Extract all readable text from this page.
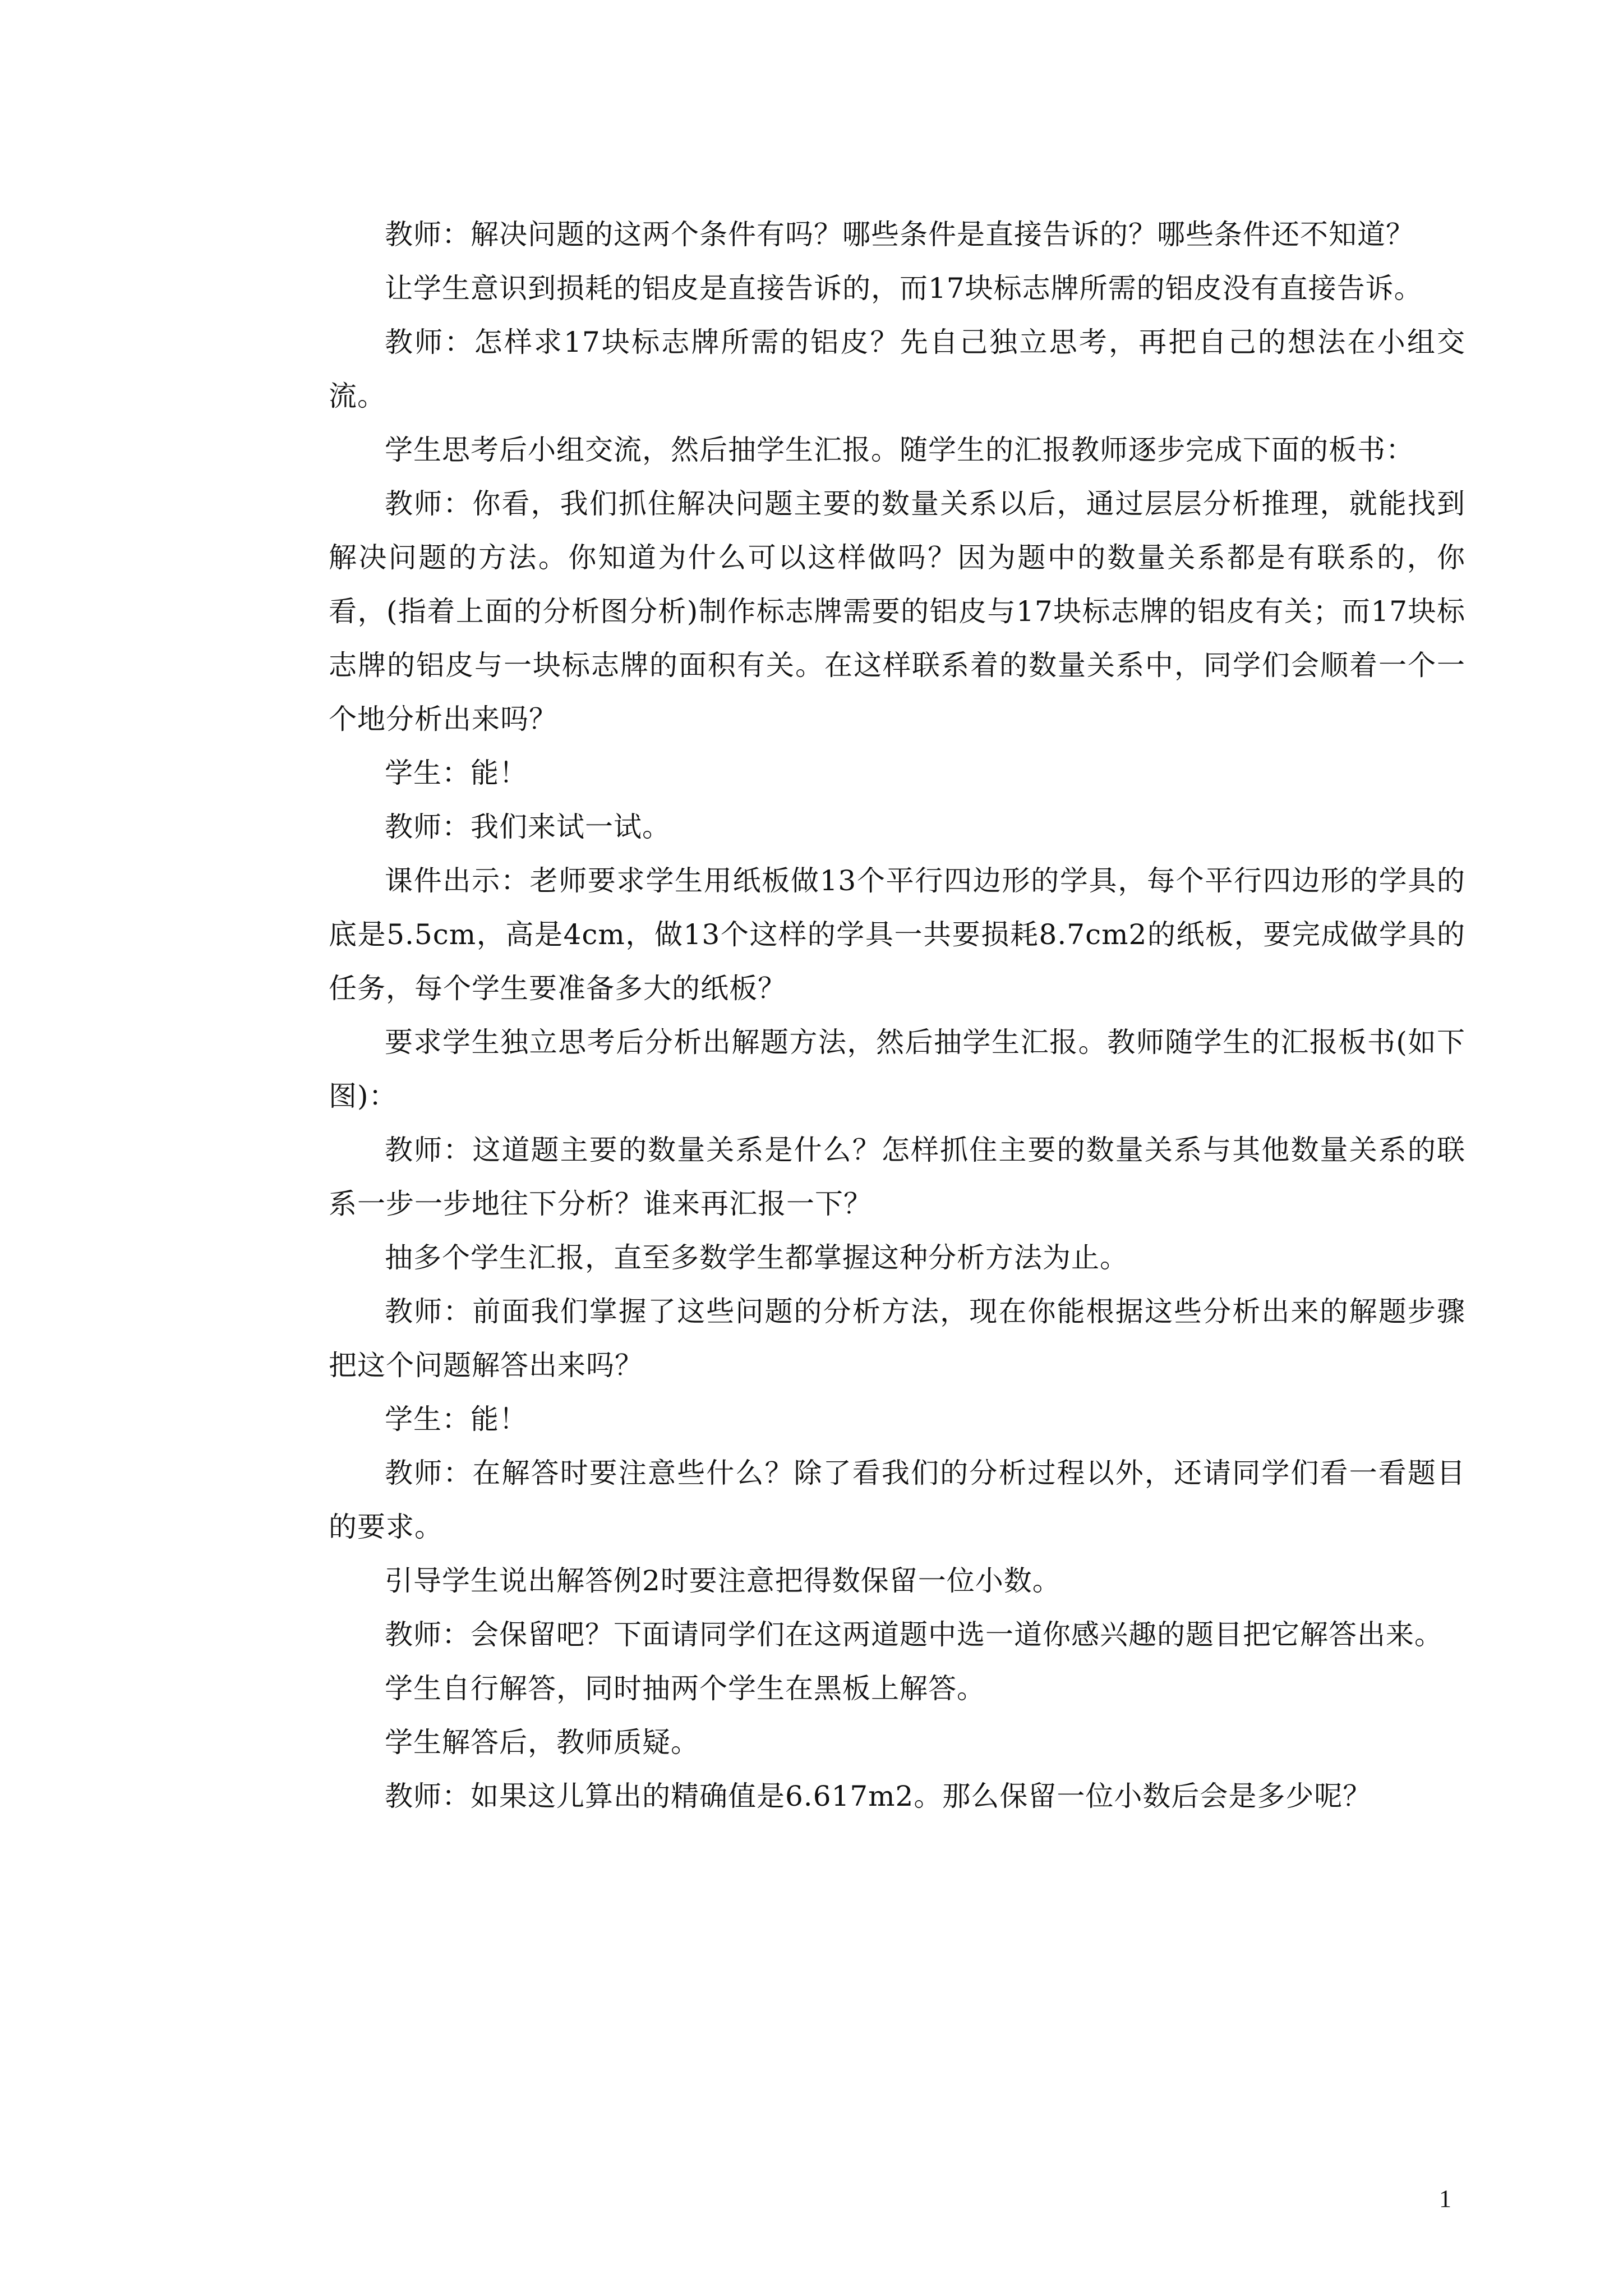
教师：解决问题的这两个条件有吗？哪些条件是直接告诉的？哪些条件还不知道？

让学生意识到损耗的铝皮是直接告诉的，而17块标志牌所需的铝皮没有直接告诉。

教师：怎样求17块标志牌所需的铝皮？先自己独立思考，再把自己的想法在小组交流。

学生思考后小组交流，然后抽学生汇报。随学生的汇报教师逐步完成下面的板书：

教师：你看，我们抓住解决问题主要的数量关系以后，通过层层分析推理，就能找到解决问题的方法。你知道为什么可以这样做吗？因为题中的数量关系都是有联系的，你看，(指着上面的分析图分析)制作标志牌需要的铝皮与17块标志牌的铝皮有关；而17块标志牌的铝皮与一块标志牌的面积有关。在这样联系着的数量关系中，同学们会顺着一个一个地分析出来吗？

学生：能！

教师：我们来试一试。

课件出示：老师要求学生用纸板做13个平行四边形的学具，每个平行四边形的学具的底是5.5cm，高是4cm，做13个这样的学具一共要损耗8.7cm2的纸板，要完成做学具的任务，每个学生要准备多大的纸板？

要求学生独立思考后分析出解题方法，然后抽学生汇报。教师随学生的汇报板书(如下图)：

教师：这道题主要的数量关系是什么？怎样抓住主要的数量关系与其他数量关系的联系一步一步地往下分析？谁来再汇报一下？

抽多个学生汇报，直至多数学生都掌握这种分析方法为止。

教师：前面我们掌握了这些问题的分析方法，现在你能根据这些分析出来的解题步骤把这个问题解答出来吗？

学生：能！

教师：在解答时要注意些什么？除了看我们的分析过程以外，还请同学们看一看题目的要求。

引导学生说出解答例2时要注意把得数保留一位小数。

教师：会保留吧？下面请同学们在这两道题中选一道你感兴趣的题目把它解答出来。

学生自行解答，同时抽两个学生在黑板上解答。

学生解答后，教师质疑。

教师：如果这儿算出的精确值是6.617m2。那么保留一位小数后会是多少呢？

1
